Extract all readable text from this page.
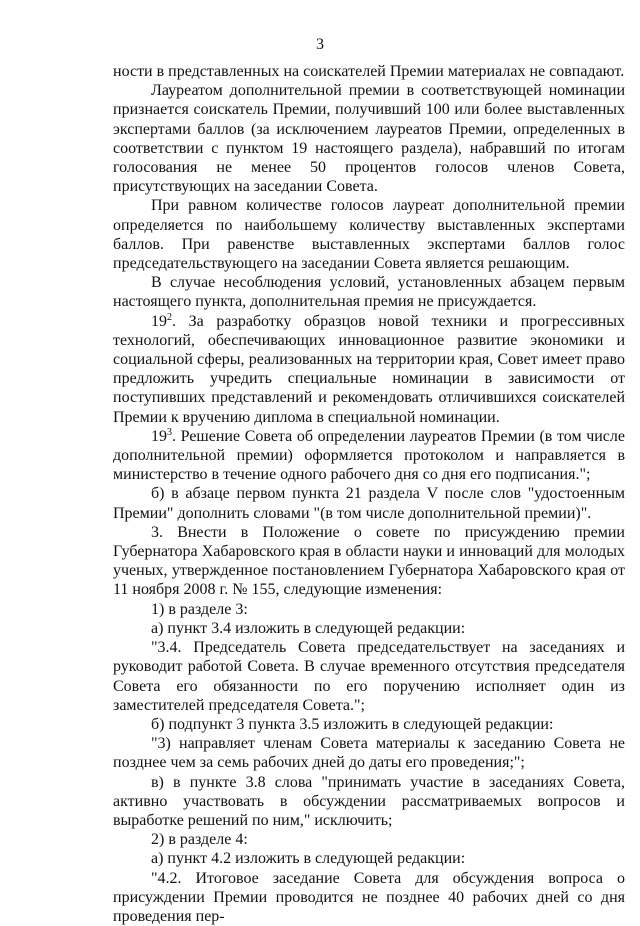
3

ности в представленных на соискателей Премии материалах не совпадают.

Лауреатом дополнительной премии в соответствующей номинации признается соискатель Премии, получивший 100 или более выставленных экспертами баллов (за исключением лауреатов Премии, определенных в соответствии с пунктом 19 настоящего раздела), набравший по итогам голосования не менее 50 процентов голосов членов Совета, присутствующих на заседании Совета.

При равном количестве голосов лауреат дополнительной премии определяется по наибольшему количеству выставленных экспертами баллов. При равенстве выставленных экспертами баллов голос председательствующего на заседании Совета является решающим.

В случае несоблюдения условий, установленных абзацем первым настоящего пункта, дополнительная премия не присуждается.

$19^2$. За разработку образцов новой техники и прогрессивных технологий, обеспечивающих инновационное развитие экономики и социальной сферы, реализованных на территории края, Совет имеет право предложить учредить специальные номинации в зависимости от поступивших представлений и рекомендовать отличившихся соискателей Премии к вручению диплома в специальной номинации.

$19^3$. Решение Совета об определении лауреатов Премии (в том числе дополнительной премии) оформляется протоколом и направляется в министерство в течение одного рабочего дня со дня его подписания.";

б) в абзаце первом пункта 21 раздела V после слов "удостоенным Премии" дополнить словами "(в том числе дополнительной премии)".

3. Внести в Положение о совете по присуждению премии Губернатора Хабаровского края в области науки и инноваций для молодых ученых, утвержденное постановлением Губернатора Хабаровского края от 11 ноября 2008 г. № 155, следующие изменения:

1) в разделе 3:

а) пункт 3.4 изложить в следующей редакции:

"3.4. Председатель Совета председательствует на заседаниях и руководит работой Совета. В случае временного отсутствия председателя Совета его обязанности по его поручению исполняет один из заместителей председателя Совета.";

б) подпункт 3 пункта 3.5 изложить в следующей редакции:

"3) направляет членам Совета материалы к заседанию Совета не позднее чем за семь рабочих дней до даты его проведения;";

в) в пункте 3.8 слова "принимать участие в заседаниях Совета, активно участвовать в обсуждении рассматриваемых вопросов и выработке решений по ним," исключить;

2) в разделе 4:

а) пункт 4.2 изложить в следующей редакции:

"4.2. Итоговое заседание Совета для обсуждения вопроса о присуждении Премии проводится не позднее 40 рабочих дней со дня проведения пер-
